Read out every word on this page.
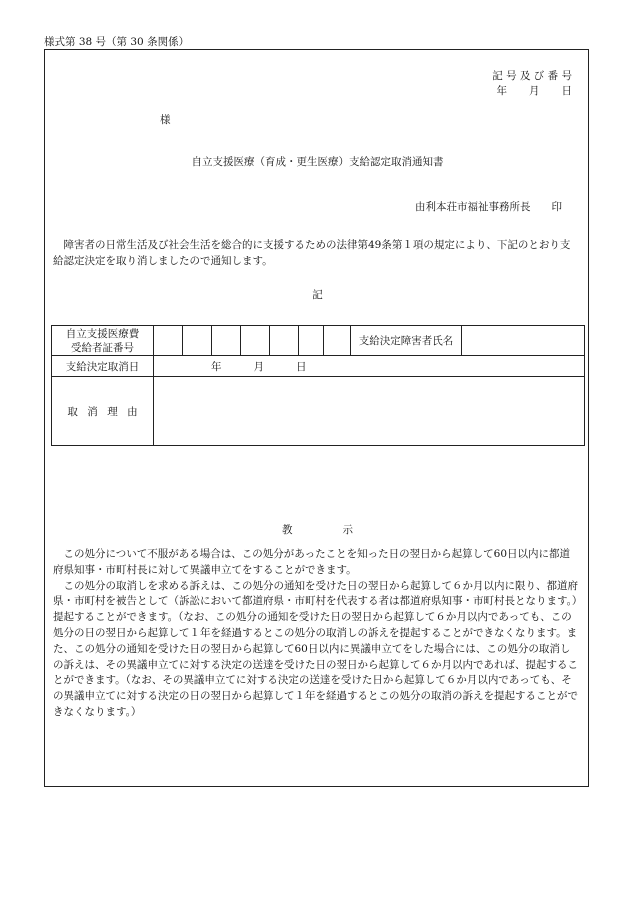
様式第 38 号（第 30 条関係）
記 号 及 び 番 号
年 月 日
様
自立支援医療（育成・更生医療）支給認定取消通知書
由利本荘市福祉事務所長　　印
障害者の日常生活及び社会生活を総合的に支援するための法律第49条第１項の規定により、下記のとおり支給認定決定を取り消しましたので通知します。
記
自立支援医療費
受給者証番号								支給決定障害者氏名	
支給決定取消日	年 月 日								
取消理由									
教	示

この処分について不服がある場合は、この処分があったことを知った日の翌日から起算して60日以内に都道府県知事・市町村長に対して異議申立てをすることができます。

この処分の取消しを求める訴えは、この処分の通知を受けた日の翌日から起算して６か月以内に限り、都道府県・市町村を被告として（訴訟において都道府県・市町村を代表する者は都道府県知事・市町村長となります。）提起することができます。（なお、この処分の通知を受けた日の翌日から起算して６か月以内であっても、この処分の日の翌日から起算して１年を経過するとこの処分の取消しの訴えを提起することができなくなります。また、この処分の通知を受けた日の翌日から起算して60日以内に異議申立てをした場合には、この処分の取消しの訴えは、その異議申立てに対する決定の送達を受けた日の翌日から起算して６か月以内であれば、提起することができます。（なお、その異議申立てに対する決定の送達を受けた日から起算して６か月以内であっても、その異議申立てに対する決定の日の翌日から起算して１年を経過するとこの処分の取消の訴えを提起することができなくなります。）
